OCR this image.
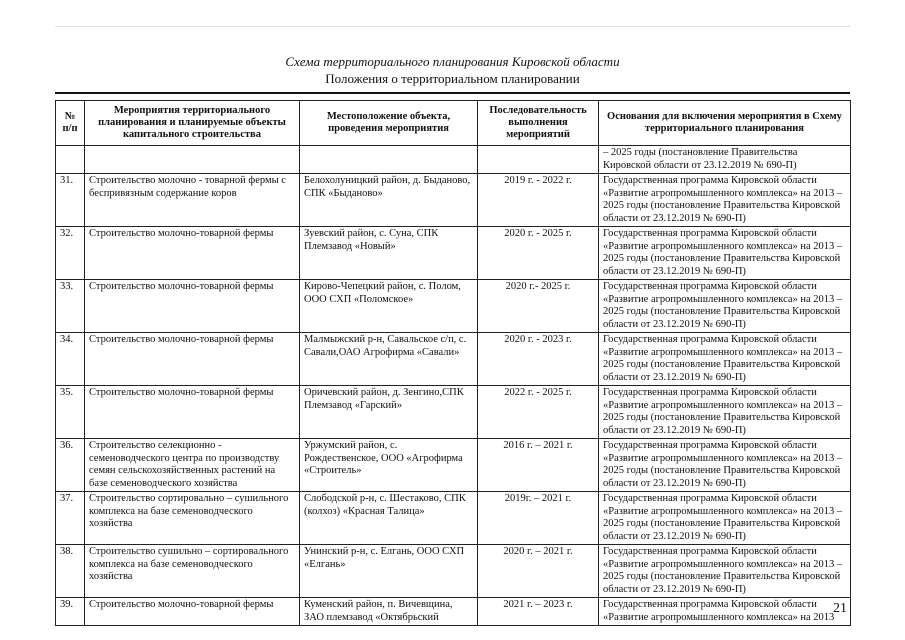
Схема территориального планирования Кировской области
Положения о территориальном планировании
№ п/п	Мероприятия территориального планирования и планируемые объекты капитального строительства	Местоположение объекта, проведения мероприятия	Последовательность выполнения мероприятий	Основания для включения мероприятия в Схему территориального планирования
				– 2025 годы (постановление Правительства Кировской области от 23.12.2019 № 690-П)
31.	Строительство молочно - товарной фермы с беспривязным содержание коров	Белохолуницкий район, д. Быданово, СПК «Быданово»	2019 г. - 2022 г.	Государственная программа Кировской области «Развитие агропромышленного комплекса» на 2013 – 2025 годы (постановление Правительства Кировской области от 23.12.2019 № 690-П)
32.	Строительство молочно-товарной фермы	Зуевский район, с. Суна, СПК Племзавод «Новый»	2020 г. - 2025 г.	Государственная программа Кировской области «Развитие агропромышленного комплекса» на 2013 – 2025 годы (постановление Правительства Кировской области от 23.12.2019 № 690-П)
33.	Строительство молочно-товарной фермы	Кирово-Чепецкий район, с. Полом, ООО СХП «Поломское»	2020 г.- 2025 г.	Государственная программа Кировской области «Развитие агропромышленного комплекса» на 2013 – 2025 годы (постановление Правительства Кировской области от 23.12.2019 № 690-П)
34.	Строительство молочно-товарной фермы	Малмыжский р-н, Савальское с/п, с. Савали,ОАО Агрофирма «Савали»	2020 г. - 2023 г.	Государственная программа Кировской области «Развитие агропромышленного комплекса» на 2013 – 2025 годы (постановление Правительства Кировской области от 23.12.2019 № 690-П)
35.	Строительство молочно-товарной фермы	Оричевский район, д. Зенгино,СПК Племзавод «Гарский»	2022 г. - 2025 г.	Государственная программа Кировской области «Развитие агропромышленного комплекса» на 2013 – 2025 годы (постановление Правительства Кировской области от 23.12.2019 № 690-П)
36.	Строительство селекционно - семеноводческого центра по производству семян сельскохозяйственных растений на базе семеноводческого хозяйства	Уржумский район, с. Рождественское, ООО «Агрофирма «Строитель»	2016 г. – 2021 г.	Государственная программа Кировской области «Развитие агропромышленного комплекса» на 2013 – 2025 годы (постановление Правительства Кировской области от 23.12.2019 № 690-П)
37.	Строительство сортировально – сушильного комплекса на базе семеноводческого хозяйства	Слободской р-н, с. Шестаково, СПК (колхоз) «Красная Талица»	2019г. – 2021 г.	Государственная программа Кировской области «Развитие агропромышленного комплекса» на 2013 – 2025 годы (постановление Правительства Кировской области от 23.12.2019 № 690-П)
38.	Строительство сушильно – сортировального комплекса на базе семеноводческого хозяйства	Унинский р-н, с. Елгань, ООО СХП «Елгань»	2020 г. – 2021 г.	Государственная программа Кировской области «Развитие агропромышленного комплекса» на 2013 – 2025 годы (постановление Правительства Кировской области от 23.12.2019 № 690-П)
39.	Строительство молочно-товарной фермы	Куменский район, п. Вичевщина, ЗАО племзавод «Октябрьский	2021 г. – 2023 г.	Государственная программа Кировской области «Развитие агропромышленного комплекса» на 2013
21
